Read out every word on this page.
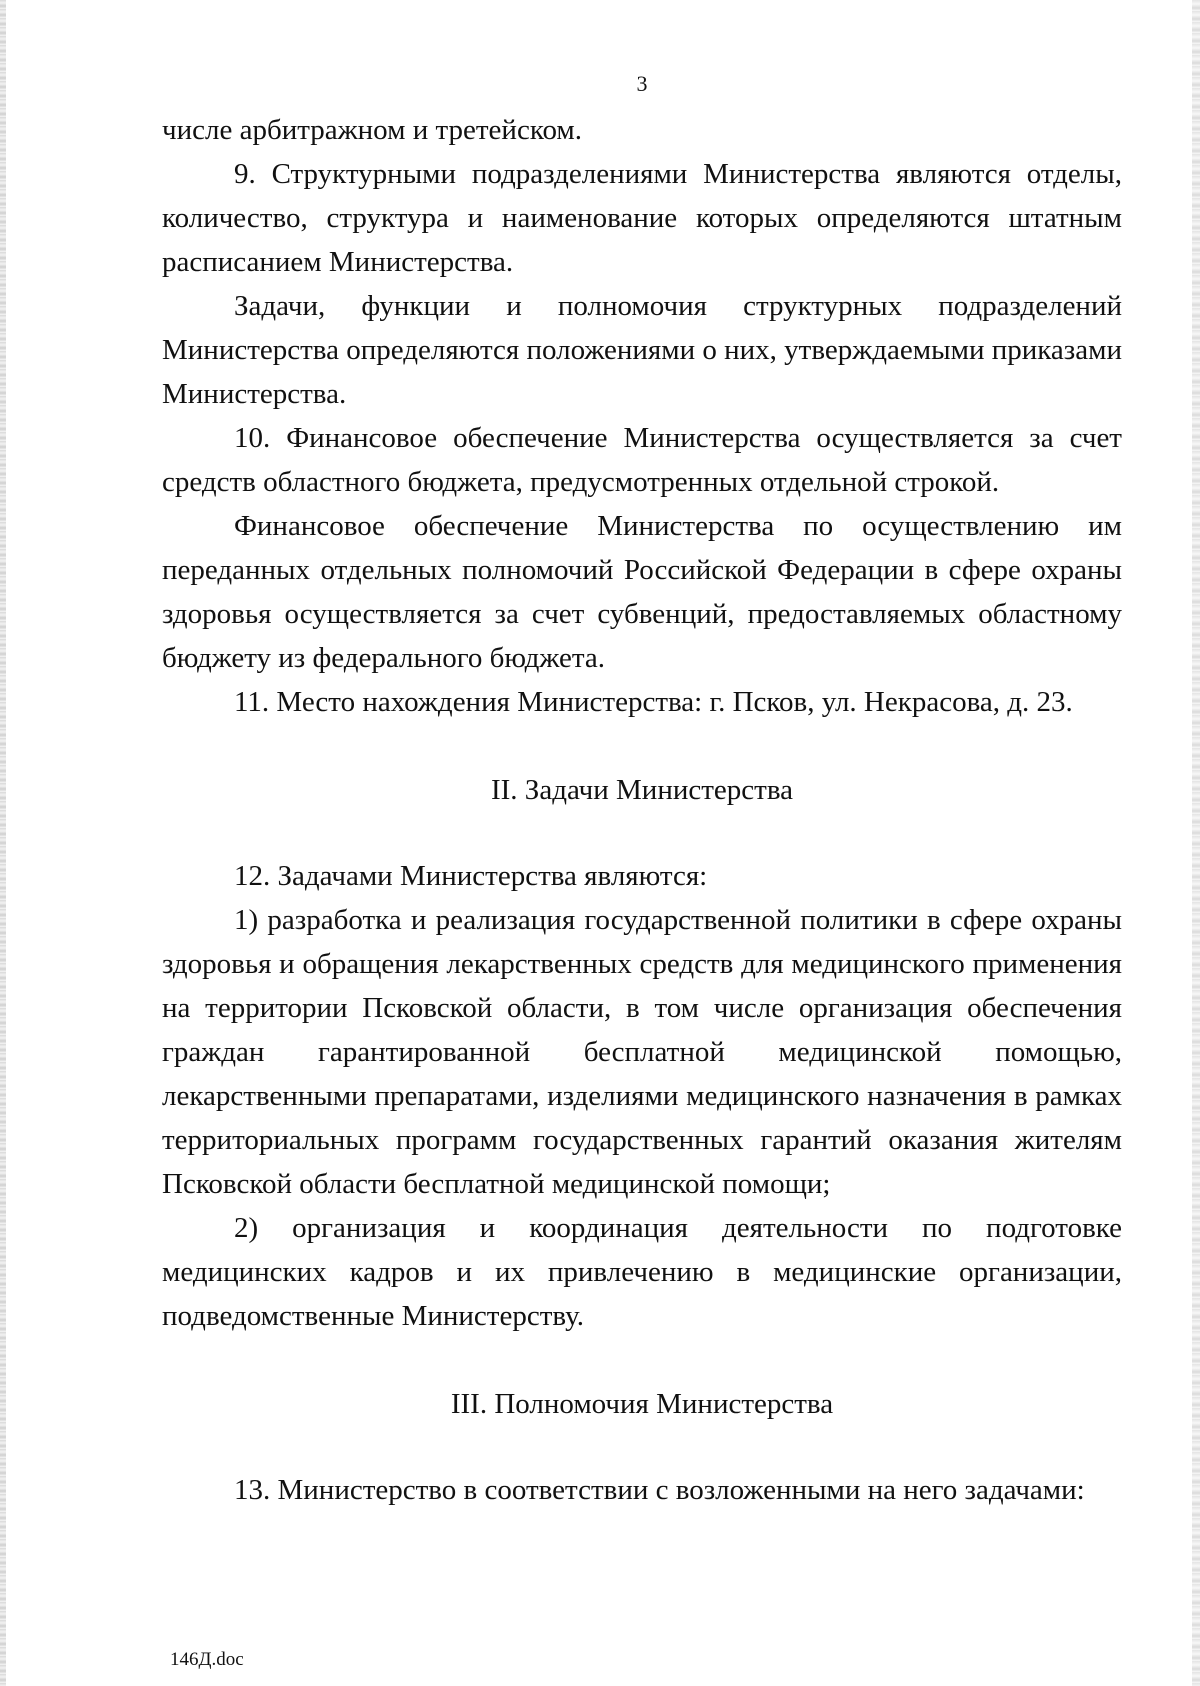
3

числе арбитражном и третейском.

9. Структурными подразделениями Министерства являются отделы, количество, структура и наименование которых определяются штатным расписанием Министерства.

Задачи, функции и полномочия структурных подразделений Министерства определяются положениями о них, утверждаемыми приказами Министерства.

10. Финансовое обеспечение Министерства осуществляется за счет средств областного бюджета, предусмотренных отдельной строкой.

Финансовое обеспечение Министерства по осуществлению им переданных отдельных полномочий Российской Федерации в сфере охраны здоровья осуществляется за счет субвенций, предоставляемых областному бюджету из федерального бюджета.

11. Место нахождения Министерства: г. Псков, ул. Некрасова, д. 23.

II. Задачи Министерства

12. Задачами Министерства являются:

1) разработка и реализация государственной политики в сфере охраны здоровья и обращения лекарственных средств для медицинского применения на территории Псковской области, в том числе организация обеспечения граждан гарантированной бесплатной медицинской помощью, лекарственными препаратами, изделиями медицинского назначения в рамках территориальных программ государственных гарантий оказания жителям Псковской области бесплатной медицинской помощи;

2) организация и координация деятельности по подготовке медицинских кадров и их привлечению в медицинские организации, подведомственные Министерству.

III. Полномочия Министерства

13. Министерство в соответствии с возложенными на него задачами:

146Д.doc
